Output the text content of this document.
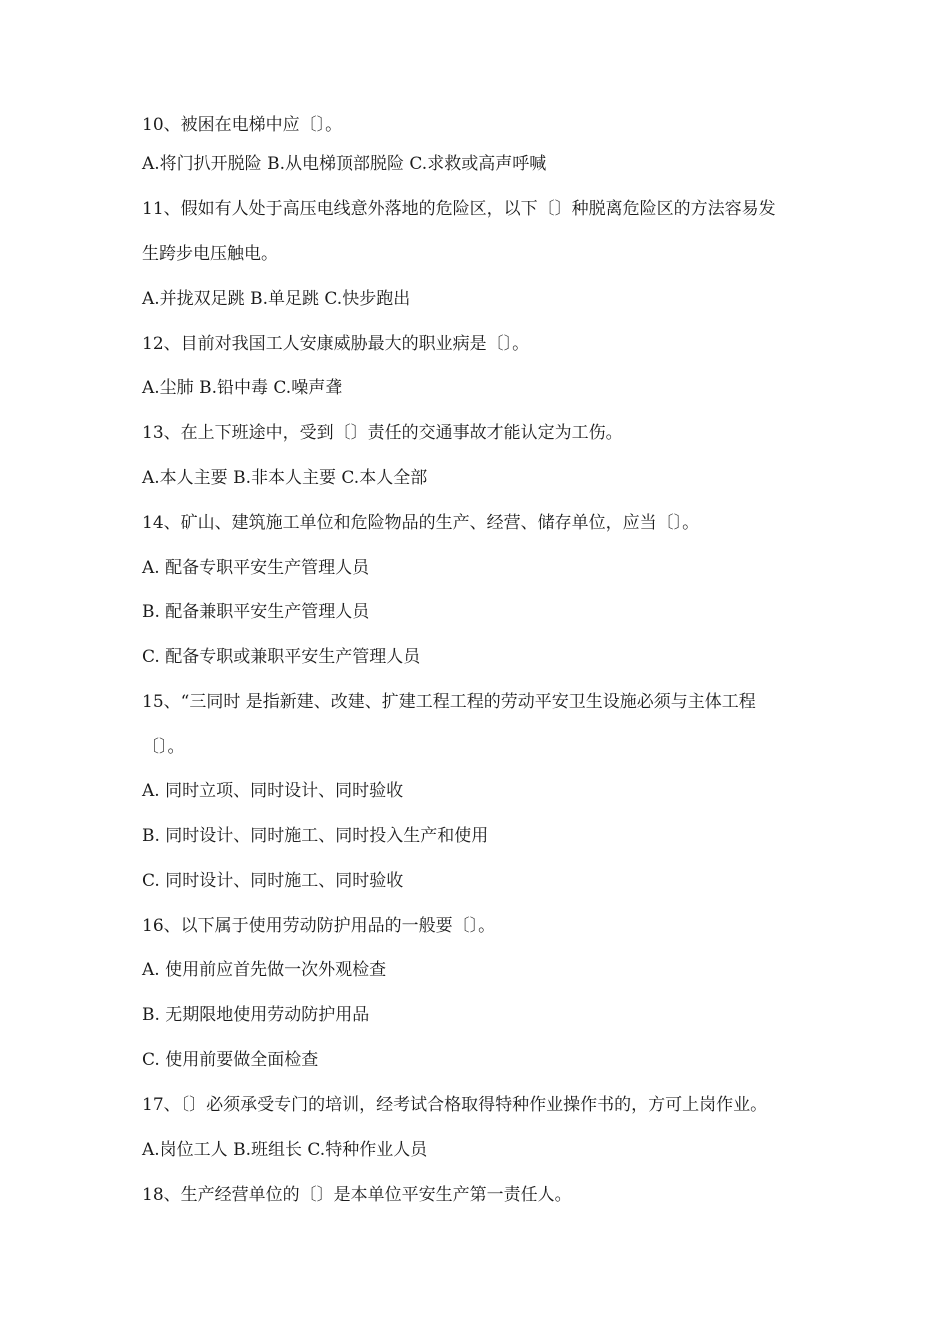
10、被困在电梯中应〔〕。
A.将门扒开脱险 B.从电梯顶部脱险 C.求救或高声呼喊
11、假如有人处于高压电线意外落地的危险区，以下〔〕种脱离危险区的方法容易发
生跨步电压触电。
A.并拢双足跳 B.单足跳 C.快步跑出
12、目前对我国工人安康威胁最大的职业病是〔〕。
A.尘肺 B.铅中毒 C.噪声聋
13、在上下班途中，受到〔〕责任的交通事故才能认定为工伤。
A.本人主要 B.非本人主要 C.本人全部
14、矿山、建筑施工单位和危险物品的生产、经营、储存单位，应当〔〕。
A. 配备专职平安生产管理人员
B. 配备兼职平安生产管理人员
C. 配备专职或兼职平安生产管理人员
15、“三同时 是指新建、改建、扩建工程工程的劳动平安卫生设施必须与主体工程
〔〕。
A. 同时立项、同时设计、同时验收
B. 同时设计、同时施工、同时投入生产和使用
C. 同时设计、同时施工、同时验收
16、以下属于使用劳动防护用品的一般要〔〕。
A. 使用前应首先做一次外观检查
B. 无期限地使用劳动防护用品
C. 使用前要做全面检查
17、〔〕必须承受专门的培训，经考试合格取得特种作业操作书的，方可上岗作业。
A.岗位工人 B.班组长 C.特种作业人员
18、生产经营单位的〔〕是本单位平安生产第一责任人。
